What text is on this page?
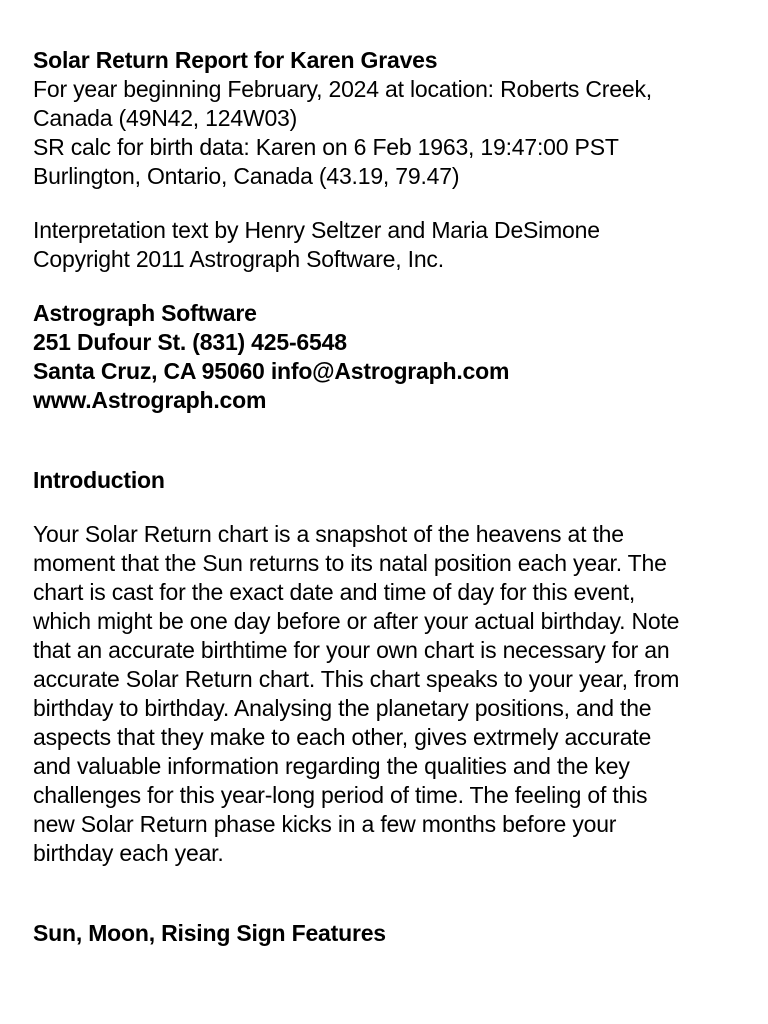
Solar Return Report for Karen Graves
For year beginning February, 2024 at location: Roberts Creek,
Canada (49N42, 124W03)
SR calc for birth data: Karen on 6 Feb 1963, 19:47:00 PST
Burlington, Ontario, Canada (43.19, 79.47)
Interpretation text by Henry Seltzer and Maria DeSimone
Copyright 2011 Astrograph Software, Inc.
Astrograph Software
251 Dufour St. (831) 425-6548
Santa Cruz, CA 95060 info@Astrograph.com
www.Astrograph.com
Introduction
Your Solar Return chart is a snapshot of the heavens at the
moment that the Sun returns to its natal position each year. The
chart is cast for the exact date and time of day for this event,
which might be one day before or after your actual birthday. Note
that an accurate birthtime for your own chart is necessary for an
accurate Solar Return chart. This chart speaks to your year, from
birthday to birthday. Analysing the planetary positions, and the
aspects that they make to each other, gives extrmely accurate
and valuable information regarding the qualities and the key
challenges for this year-long period of time. The feeling of this
new Solar Return phase kicks in a few months before your
birthday each year.
Sun, Moon, Rising Sign Features
